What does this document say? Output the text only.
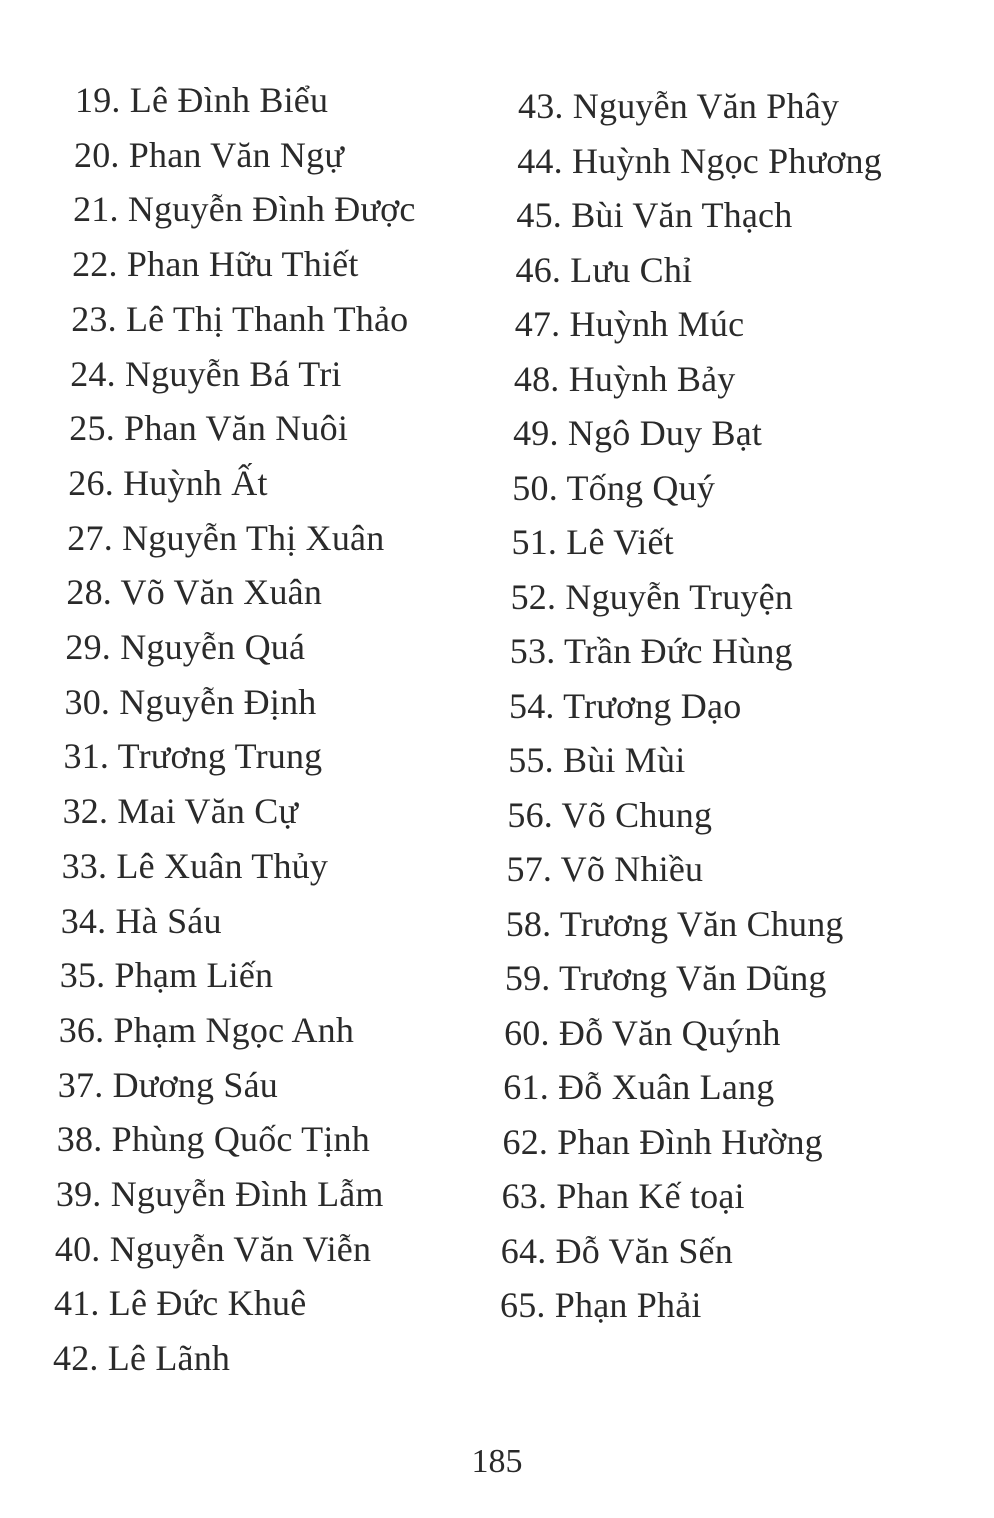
19. Lê Đình Biểu
20. Phan Văn Ngự
21. Nguyễn Đình Được
22. Phan Hữu Thiết
23. Lê Thị Thanh Thảo
24. Nguyễn Bá Tri
25. Phan Văn Nuôi
26. Huỳnh Ất
27. Nguyễn Thị Xuân
28. Võ Văn Xuân
29. Nguyễn Quá
30. Nguyễn Định
31. Trương Trung
32. Mai Văn Cự
33. Lê Xuân Thủy
34. Hà Sáu
35. Phạm Liến
36. Phạm Ngọc Anh
37. Dương Sáu
38. Phùng Quốc Tịnh
39. Nguyễn Đình Lẫm
40. Nguyễn Văn Viễn
41. Lê Đức Khuê
42. Lê Lãnh
43. Nguyễn Văn Phây
44. Huỳnh Ngọc Phương
45. Bùi Văn Thạch
46. Lưu Chỉ
47. Huỳnh Múc
48. Huỳnh Bảy
49. Ngô Duy Bạt
50. Tống Quý
51. Lê Viết
52. Nguyễn Truyện
53. Trần Đức Hùng
54. Trương Dạo
55. Bùi Mùi
56. Võ Chung
57. Võ Nhiều
58. Trương Văn Chung
59. Trương Văn Dũng
60. Đỗ Văn Quýnh
61. Đỗ Xuân Lang
62. Phan Đình Hường
63. Phan Kế toại
64. Đỗ Văn Sến
65. Phạn Phải
185
